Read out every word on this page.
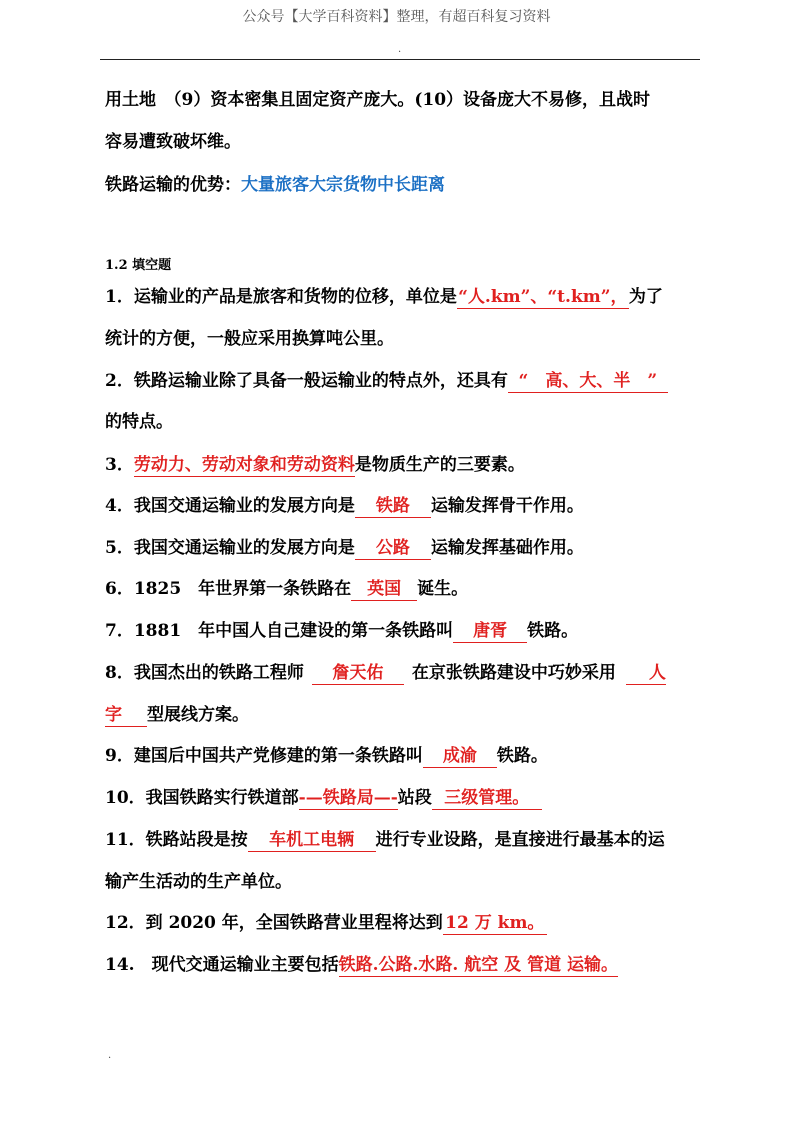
公众号【大学百科资料】整理，有超百科复习资料
.
用土地　（9）资本密集且固定资产庞大。(10）设备庞大不易修，且战时
容易遭致破坏维。
铁路运输的优势：大量旅客大宗货物中长距离
1.2 填空题
1．运输业的产品是旅客和货物的位移，单位是“人.km”、“t.km”，为了
统计的方便，一般应采用换算吨公里。
2．铁路运输业除了具备一般运输业的特点外，还具有 “　高、大、半　”
的特点。
3．劳动力、劳动对象和劳动资料是物质生产的三要素。
4．我国交通运输业的发展方向是 铁路 运输发挥骨干作用。
5．我国交通运输业的发展方向是 公路 运输发挥基础作用。
6．1825　年世界第一条铁路在 英国 诞生。
7．1881　年中国人自己建设的第一条铁路叫 唐胥 铁路。
8．我国杰出的铁路工程师 詹天佑 在京张铁路建设中巧妙采用 人
字 型展线方案。
9．建国后中国共产党修建的第一条铁路叫 成渝 铁路。
10．我国铁路实行铁道部-—铁路局—-站段 三级管理。
11．铁路站段是按 车机工电辆 进行专业设路，是直接进行最基本的运
输产生活动的生产单位。
12．到 2020 年，全国铁路营业里程将达到 12 万 km。
14.　现代交通运输业主要包括铁路.公路.水路. 航空 及 管道 运输。
.
